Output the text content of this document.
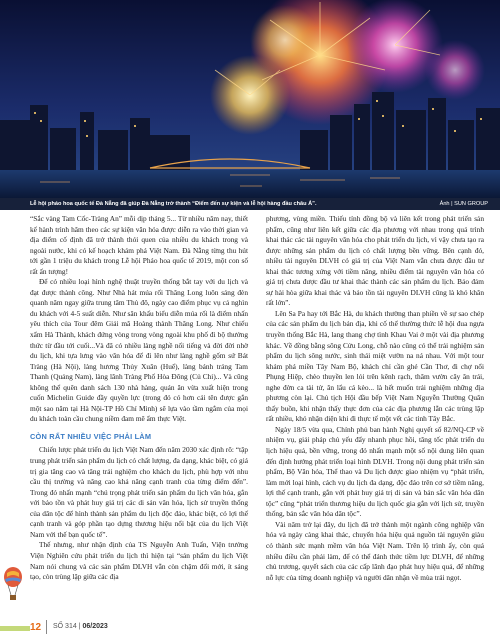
Lễ hội pháo hoa quốc tế Đà Nẵng đã giúp Đà Nẵng trở thành “Điểm đến sự kiện và lễ hội hàng đầu châu Á”.	Ảnh | SUN GROUP

“Sắc vàng Tam Cốc-Tràng An” mỗi dịp tháng 5... Từ nhiều năm nay, thiết kế hành trình hâm theo các sự kiện văn hóa được diễn ra vào thời gian và địa điểm cố định đã trở thành thói quen của nhiều du khách trong và ngoài nước, khi có kế hoạch khám phá Việt Nam. Đà Nẵng từng thu hút tới gần 1 triệu du khách trong Lễ hội Pháo hoa quốc tế 2019, một con số rất ấn tượng!

Để có nhiều loại hình nghệ thuật truyền thống bắt tay với du lịch và đạt được thành công. Như Nhà hát múa rối Thăng Long luôn sáng đèn quanh năm ngay giữa trung tâm Thủ đô, ngày cao điểm phục vụ cả nghìn du khách với 4-5 suất diễn. Như sân khấu biểu diễn múa rối là điểm nhấn yêu thích của Tour đêm Giải mã Hoàng thành Thăng Long. Như chiếu xẩm Hà Thành, khách đứng vòng trong vòng ngoài khu phố đi bộ thưởng thức từ đầu tới cuối...Và đã có nhiều làng nghề nối tiếng và đời đời nhờ du lịch, khi tựa lưng vào văn hóa để đi lên như làng nghề gốm sứ Bát Tràng (Hà Nội), làng hương Thủy Xuân (Huế), làng bánh tráng Tam Thanh (Quảng Nam), làng lãnh Tràng Phố Hòa Đông (Củ Chi)... Và cũng không thể quên danh sách 130 nhà hàng, quán ăn vừa xuất hiện trong cuốn Michelin Guide đầy quyền lực (trong đó có hơn cái tên được gắn một sao năm tại Hà Nội-TP Hồ Chí Minh) sẽ lựa vào tầm ngắm của mọi du khách toàn cầu chung niềm đam mê ẩm thực Việt.

CÒN RẤT NHIỀU VIỆC PHẢI LÀM

Chiến lược phát triển du lịch Việt Nam đến năm 2030 xác định rõ: “tập trung phát triển sản phẩm du lịch có chất lượng, đa dạng, khác biệt, có giá trị gia tăng cao và tăng trải nghiệm cho khách du lịch, phù hợp với nhu cầu thị trường và nâng cao khả năng cạnh tranh của từng điểm đến”. Trong đó nhấn mạnh “chú trọng phát triển sản phẩm du lịch văn hóa, gắn với bảo tồn và phát huy giá trị các di sản văn hóa, lịch sử truyền thống của dân tộc để hình thành sản phẩm du lịch độc đáo, khác biệt, có lợi thế cạnh tranh và góp phần tạo dựng thương hiệu nổi bật của du lịch Việt Nam với thế bạn quốc tế”.

Thế nhưng, như nhận định của TS Nguyễn Anh Tuấn, Viện trưởng Viện Nghiên cứu phát triển du lịch thì hiện tại “sản phẩm du lịch Việt Nam nói chung và các sản phẩm DLVH vẫn còn chậm đổi mới, ít sáng tạo, còn trùng lặp giữa các địa

phương, vùng miền. Thiếu tính đồng bộ và liên kết trong phát triển sản phẩm, cũng như liên kết giữa các địa phương với nhau trong quá trình khai thác các tài nguyên văn hóa cho phát triển du lịch, vì vậy chưa tạo ra được những sản phẩm du lịch có chất lượng bền vững. Bên cạnh đó, nhiều tài nguyên DLVH có giá trị của Việt Nam vẫn chưa được đầu tư khai thác tương xứng với tiềm năng, nhiều điểm tài nguyên văn hóa có giá trị chưa được đầu tư khai thác thành các sản phẩm du lịch. Bảo đảm sự hài hòa giữa khai thác và bảo tồn tài nguyên DLVH cũng là khó khăn rất lớn”.

Lên Sa Pa hay tới Bắc Hà, du khách thường than phiền về sự sao chép của các sản phẩm du lịch bản địa, khi cố thể thường thức lễ hội đua ngựa truyền thống Bắc Hà, lang thang chợ tình Khau Vai ở một vài địa phương khác. Về đồng bằng sông Cửu Long, chỗ nào cũng có thể trải nghiệm sản phẩm du lịch sông nước, sinh thái miệt vườn na ná nhau. Với một tour khám phá miền Tây Nam Bộ, khách chỉ cần ghé Cần Thơ, đi chợ nổi Phụng Hiệp, chèo thuyền len lỏi trên kênh rạch, thăm vườn cây ăn trái, nghe đờn ca tài tử, ăn lẩu cá kèo... là hết muốn trải nghiệm những địa phương còn lại. Chủ tịch Hội đầu bếp Việt Nam Nguyễn Thường Quân thấy buồn, khi nhận thấy thực đơn của các địa phương lẫn các trùng lặp rất nhiều, khó nhận diện khi đi thực tế một vết các tỉnh Tây Bắc.

Ngày 18/5 vừa qua, Chính phủ ban hành Nghị quyết số 82/NQ-CP về nhiệm vụ, giải pháp chủ yếu đẩy nhanh phục hồi, tăng tốc phát triển du lịch hiệu quả, bền vững, trong đó nhấn mạnh một số nội dung liên quan đến định hướng phát triển loại hình DLVH. Trong nội dung phát triển sản phẩm, Bộ Văn hóa, Thể thao và Du lịch được giao nhiệm vụ “phát triển, làm mới loại hình, cách vụ du lịch đa dạng, độc đáo trên cơ sở tiềm năng, lợi thế cạnh tranh, gắn với phát huy giá trị di sản và bản sắc văn hóa dân tộc” cũng “phát triển thương hiệu du lịch quốc gia gắn với lịch sử, truyền thống, bản sắc văn hóa dân tộc”.

Vài năm trở lại đây, du lịch đã trở thành một ngành công nghiệp văn hóa và ngày càng khai thác, chuyển hóa hiệu quả nguồn tài nguyên giàu có thành sức mạnh mềm văn hóa Việt Nam. Trên lộ trình ấy, còn quá nhiều điều cần phải làm, để có thể đánh thức tiềm lực DLVH, để những chủ trương, quyết sách của các cấp lãnh đạo phát huy hiệu quả, để những nỗ lực của từng doanh nghiệp và người dân nhận về mùa trái ngọt.

12 SỐ 314 | 06/2023
